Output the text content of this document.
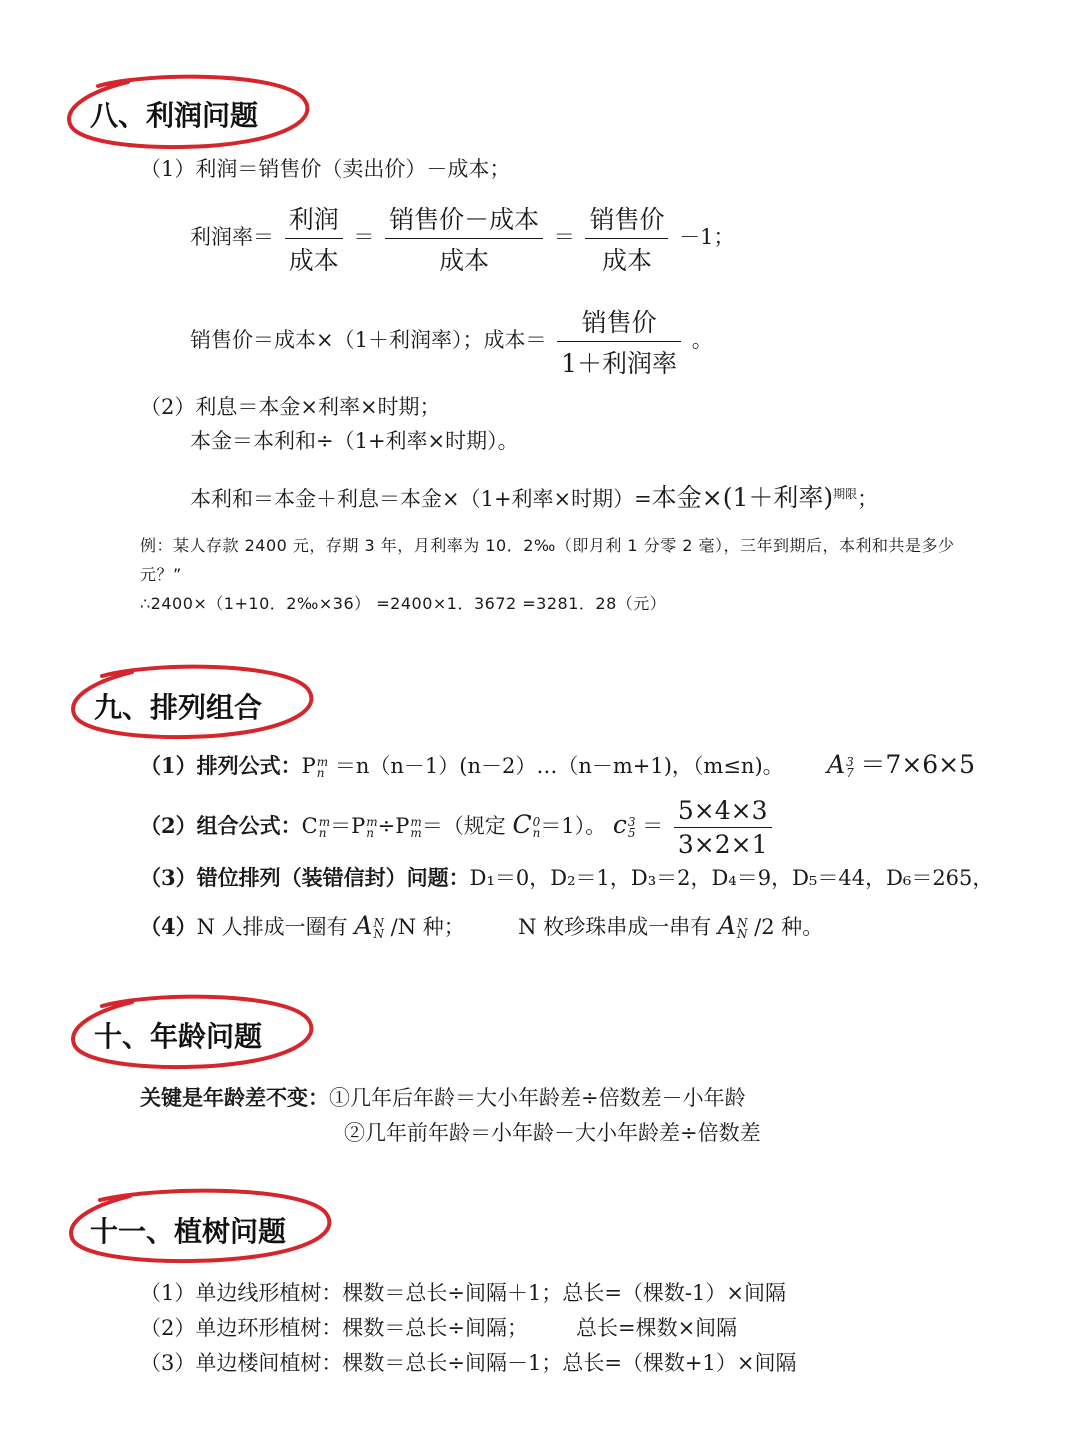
八、利润问题
（1）利润＝销售价（卖出价）－成本；
利润率＝ $\frac{\text{利润}}{\text{成本}} = \frac{\text{销售价－成本}}{\text{成本}} = \frac{\text{销售价}}{\text{成本}} -1$；
销售价＝成本×（1＋利润率）；成本＝ $\frac{\text{销售价}}{\text{1＋利润率}}$ 。
（2）利息＝本金×利率×时期；
本金＝本利和÷（1+利率×时期）。
本利和＝本金＋利息＝本金×（1+利率×时期）=本金×(1＋利率)$^{期限}$；
例：某人存款 2400 元，存期 3 年，月利率为 10．2‰（即月利 1 分零 2 毫），三年到期后，本利和共是多少
元？”
∴2400×（1+10．2‰×36） =2400×1．3672 =3281．28（元）
九、排列组合
（1）排列公式：P m
n ＝n（n－1）(n－2）…（n－m+1)，（m≤n)。 A 3
7 ＝7×6×5
（2）组合公式：C m
n ＝P m
n ÷P m
m ＝（规定 C 0
n ＝1）。 c 3
$5 = \frac{5\times 4\times 3}{3\times 2\times 1}$
（3）错位排列（装错信封）问题：D₁＝0，D₂＝1，D₃＝2，D₄＝9，D₅＝44，D₆＝265，
（4）N 人排成一圈有 A N
N /N 种；	N 枚珍珠串成一串有 A N
N /2 种。
十、年龄问题
关键是年龄差不变：①几年后年龄＝大小年龄差÷倍数差－小年龄
②几年前年龄＝小年龄－大小年龄差÷倍数差
十一、植树问题
（1）单边线形植树：棵数＝总长÷间隔＋1；总长=（棵数-1）×间隔
（2）单边环形植树：棵数＝总长÷间隔； 总长=棵数×间隔
（3）单边楼间植树：棵数＝总长÷间隔－1；总长=（棵数+1）×间隔
